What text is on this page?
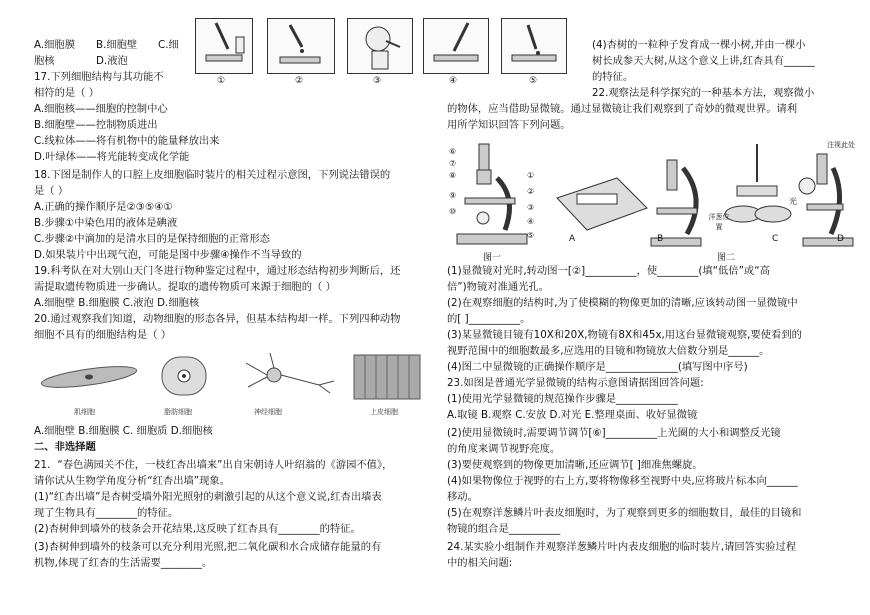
A.细胞膜 B.细胞壁 C.细
胞核	D.液泡
17.下列细胞结构与其功能不
相符的是（ ）
A.细胞核——细胞的控制中心
B.细胞壁——控制物质进出
C.线粒体——将有机物中的能量释放出来
D.叶绿体——将光能转变成化学能
18.下图是制作人的口腔上皮细胞临时装片的相关过程示意图，下列说法错误的
是（ ）
A.正确的操作顺序是②③⑤④①
B.步骤①中染色用的液体是碘液
C.步骤②中滴加的是清水目的是保持细胞的正常形态
D.如果装片中出现气泡，可能是图中步骤④操作不当导致的
19.科考队在对大别山天门冬进行物种鉴定过程中，通过形态结构初步判断后，还
需提取遗传物质进一步确认。提取的遗传物质可来源于细胞的（ ）
A.细胞壁 B.细胞膜 C.液泡 D.细胞核
20.通过观察我们知道，动物细胞的形态各异，但基本结构却一样。下列四种动物
细胞不具有的细胞结构是（ ）
肌细胞	脂肪细胞	神经细胞	上皮细胞
A.细胞壁 B.细胞膜 C. 细胞质 D.细胞核
二、非选择题
21．“春色满园关不住，一枝红杏出墙来”出自宋朝诗人叶绍翁的《游园不值》，
请你试从生物学角度分析“红杏出墙”现象。
(1)“红杏出墙”是杏树受墙外阳光照射的刺激引起的从这个意义说,红杏出墙表
现了生物具有________的特征。
(2)杏树伸到墙外的枝条会开花结果,这反映了红杏具有________的特征。
(3)杏树伸到墙外的枝条可以充分利用光照,把二氧化碳和水合成储存能量的有
机物,体现了红杏的生活需要________。
①	②	③	④	⑤
(4)杏树的一粒种子发育成一棵小树,并由一棵小
树长成参天大树,从这个意义上讲,红杏具有______
的特征。
22.观察法是科学探究的一种基本方法，观察微小
的物体，应当借助显微镜。通过显微镜让我们观察到了奇妙的微观世界。请利
用所学知识回答下列问题。
⑥
⑦
⑧
⑨
⑩
①
②
③
④
⑤
图一	图二
A	B	C	D
注视此处
光
洋葱位置
(1)显微镜对光时,转动图一[②]__________，使________(填“低倍”或“高
倍”)物镜对准通光孔。
(2)在观察细胞的结构时,为了使模糊的物像更加的清晰,应该转动图一显微镜中
的[ ]__________。
(3)某显微镜目镜有10X和20X,物镜有8X和45x,用这台显微镜观察,要使看到的
视野范围中的细胞数最多,应选用的目镜和物镜放大倍数分别是______。
(4)图二中显微镜的正确操作顺序是______________(填写图中序号)
23.如图是普通光学显微镜的结构示意图请据图回答问题:
(1)使用光学显微镜的规范操作步骤是____________
A.取镜 B.观察 C.安放 D.对光 E.整理桌面、收好显微镜
(2)使用显微镜时,需要调节调节[⑥]__________上光圈的大小和调整反光镜
的角度来调节视野亮度。
(3)要使观察到的物像更加清晰,还应调节[ ]细准焦螺旋。
(4)如果物像位于视野的右上方,要将物像移至视野中央,应将玻片标本向______
移动。
(5)在观察洋葱鳞片叶表皮细胞时，为了观察到更多的细胞数目，最佳的目镜和
物镜的组合是__________
24.某实验小组制作并观察洋葱鳞片叶内表皮细胞的临时装片,请回答实验过程
中的相关问题:
